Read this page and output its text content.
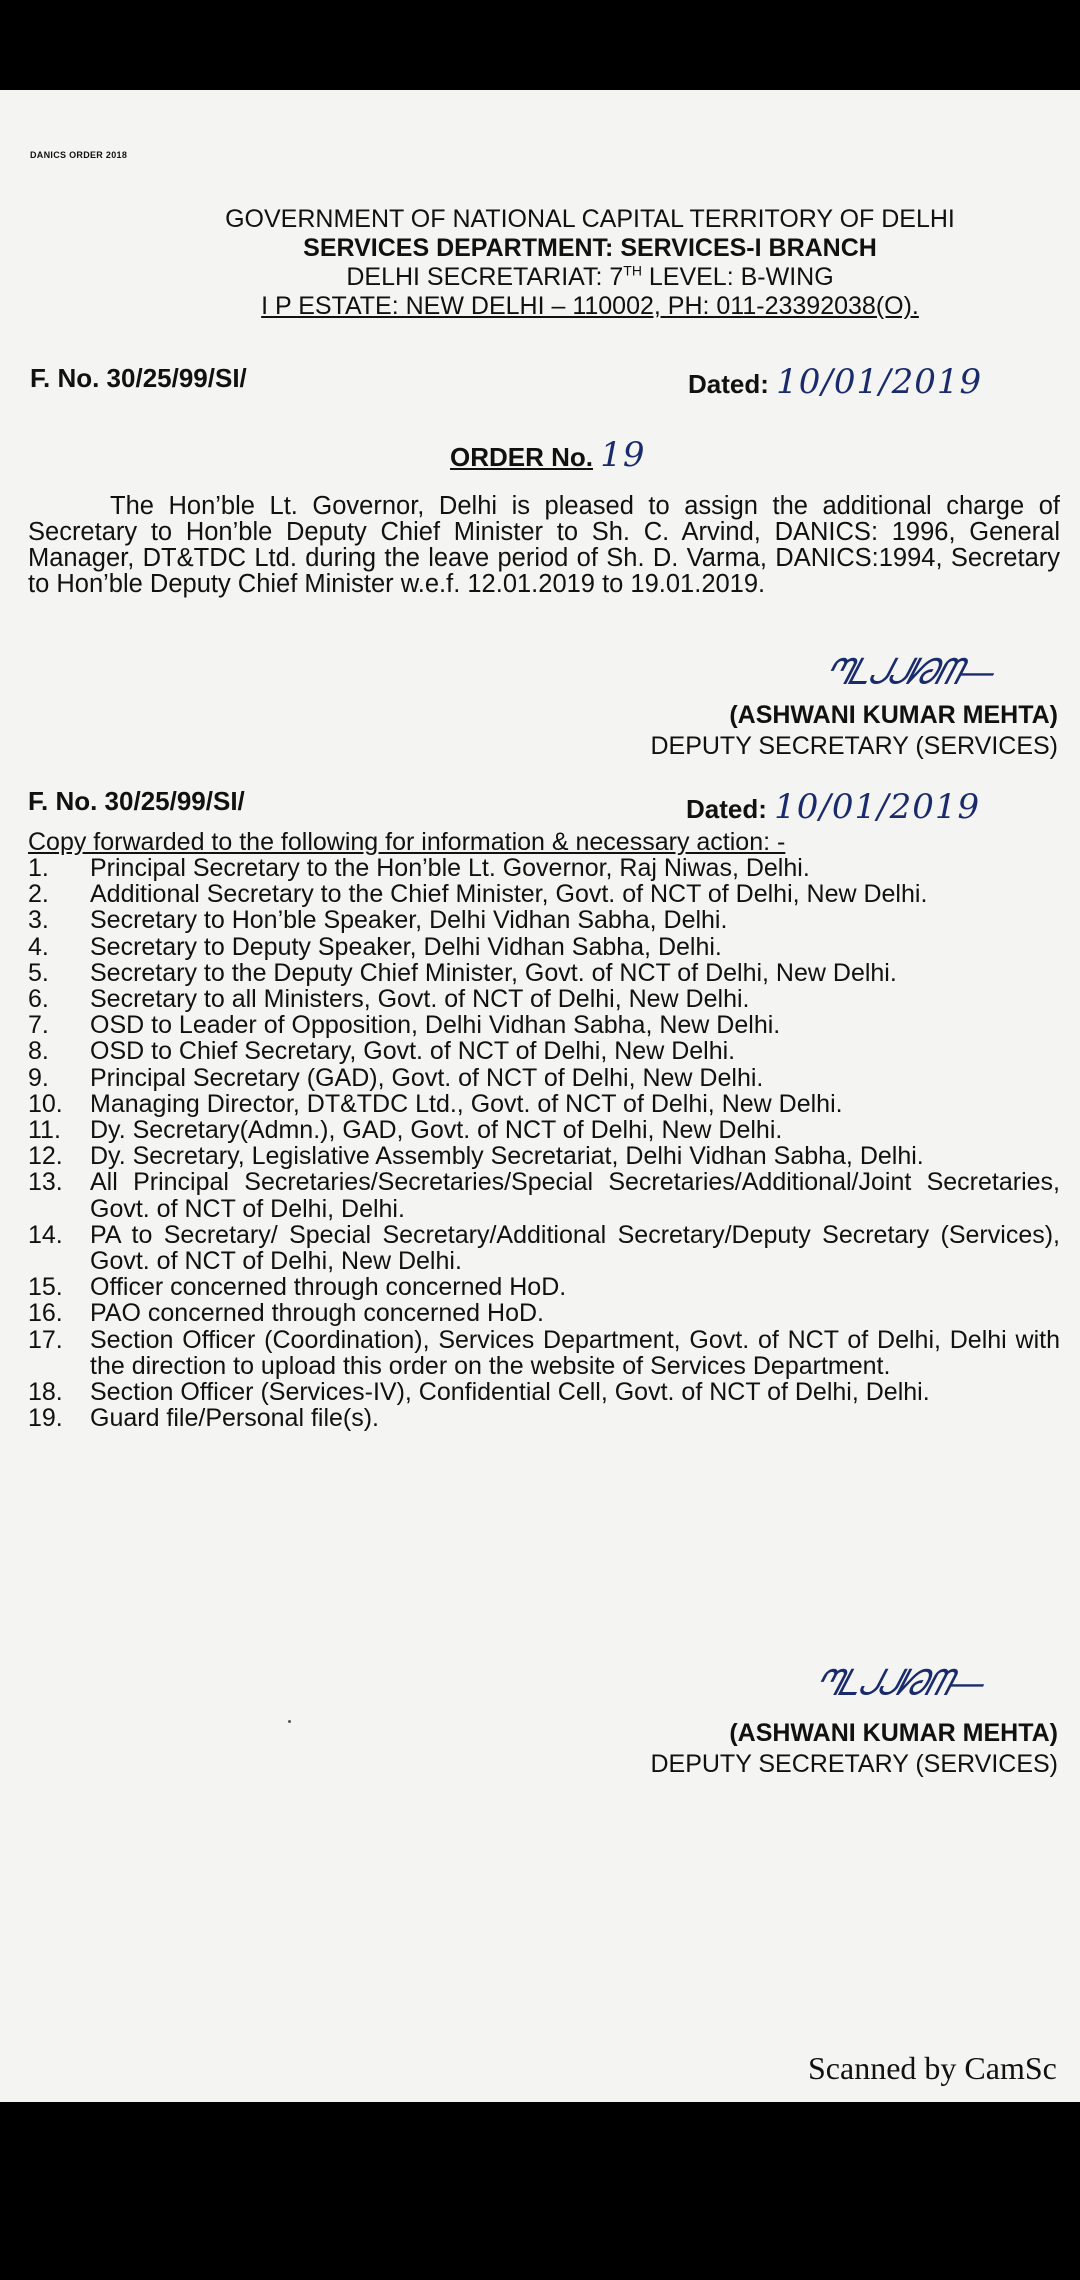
DANICS ORDER 2018
GOVERNMENT OF NATIONAL CAPITAL TERRITORY OF DELHI
SERVICES DEPARTMENT: SERVICES-I BRANCH
DELHI SECRETARIAT: 7TH LEVEL: B-WING
I P ESTATE: NEW DELHI – 110002, PH: 011-23392038(O).
F. No. 30/25/99/SI/	Dated: 10/01/2019
ORDER No. 19
The Hon’ble Lt. Governor, Delhi is pleased to assign the additional charge of Secretary to Hon’ble Deputy Chief Minister to Sh. C. Arvind, DANICS: 1996, General Manager, DT&TDC Ltd. during the leave period of Sh. D. Varma, DANICS:1994, Secretary to Hon’ble Deputy Chief Minister w.e.f. 12.01.2019 to 19.01.2019.
ᘉᒪᒍᒍᘗᗰ—
(ASHWANI KUMAR MEHTA)
DEPUTY SECRETARY (SERVICES)
F. No. 30/25/99/SI/	Dated: 10/01/2019
Copy forwarded to the following for information & necessary action: -
1.	Principal Secretary to the Hon’ble Lt. Governor, Raj Niwas, Delhi.
2.	Additional Secretary to the Chief Minister, Govt. of NCT of Delhi, New Delhi.
3.	Secretary to Hon’ble Speaker, Delhi Vidhan Sabha, Delhi.
4.	Secretary to Deputy Speaker, Delhi Vidhan Sabha, Delhi.
5.	Secretary to the Deputy Chief Minister, Govt. of NCT of Delhi, New Delhi.
6.	Secretary to all Ministers, Govt. of NCT of Delhi, New Delhi.
7.	OSD to Leader of Opposition, Delhi Vidhan Sabha, New Delhi.
8.	OSD to Chief Secretary, Govt. of NCT of Delhi, New Delhi.
9.	Principal Secretary (GAD), Govt. of NCT of Delhi, New Delhi.
10.	Managing Director, DT&TDC Ltd., Govt. of NCT of Delhi, New Delhi.
11.	Dy. Secretary(Admn.), GAD, Govt. of NCT of Delhi, New Delhi.
12.	Dy. Secretary, Legislative Assembly Secretariat, Delhi Vidhan Sabha, Delhi.
13.	All Principal Secretaries/Secretaries/Special Secretaries/Additional/Joint Secretaries, Govt. of NCT of Delhi, Delhi.
14.	PA to Secretary/ Special Secretary/Additional Secretary/Deputy Secretary (Services), Govt. of NCT of Delhi, New Delhi.
15.	Officer concerned through concerned HoD.
16.	PAO concerned through concerned HoD.
17.	Section Officer (Coordination), Services Department, Govt. of NCT of Delhi, Delhi with the direction to upload this order on the website of Services Department.
18.	Section Officer (Services-IV), Confidential Cell, Govt. of NCT of Delhi, Delhi.
19.	Guard file/Personal file(s).
ᘉᒪᒍᒍᘗᗰ—
(ASHWANI KUMAR MEHTA)
DEPUTY SECRETARY (SERVICES)
Scanned by CamSc
